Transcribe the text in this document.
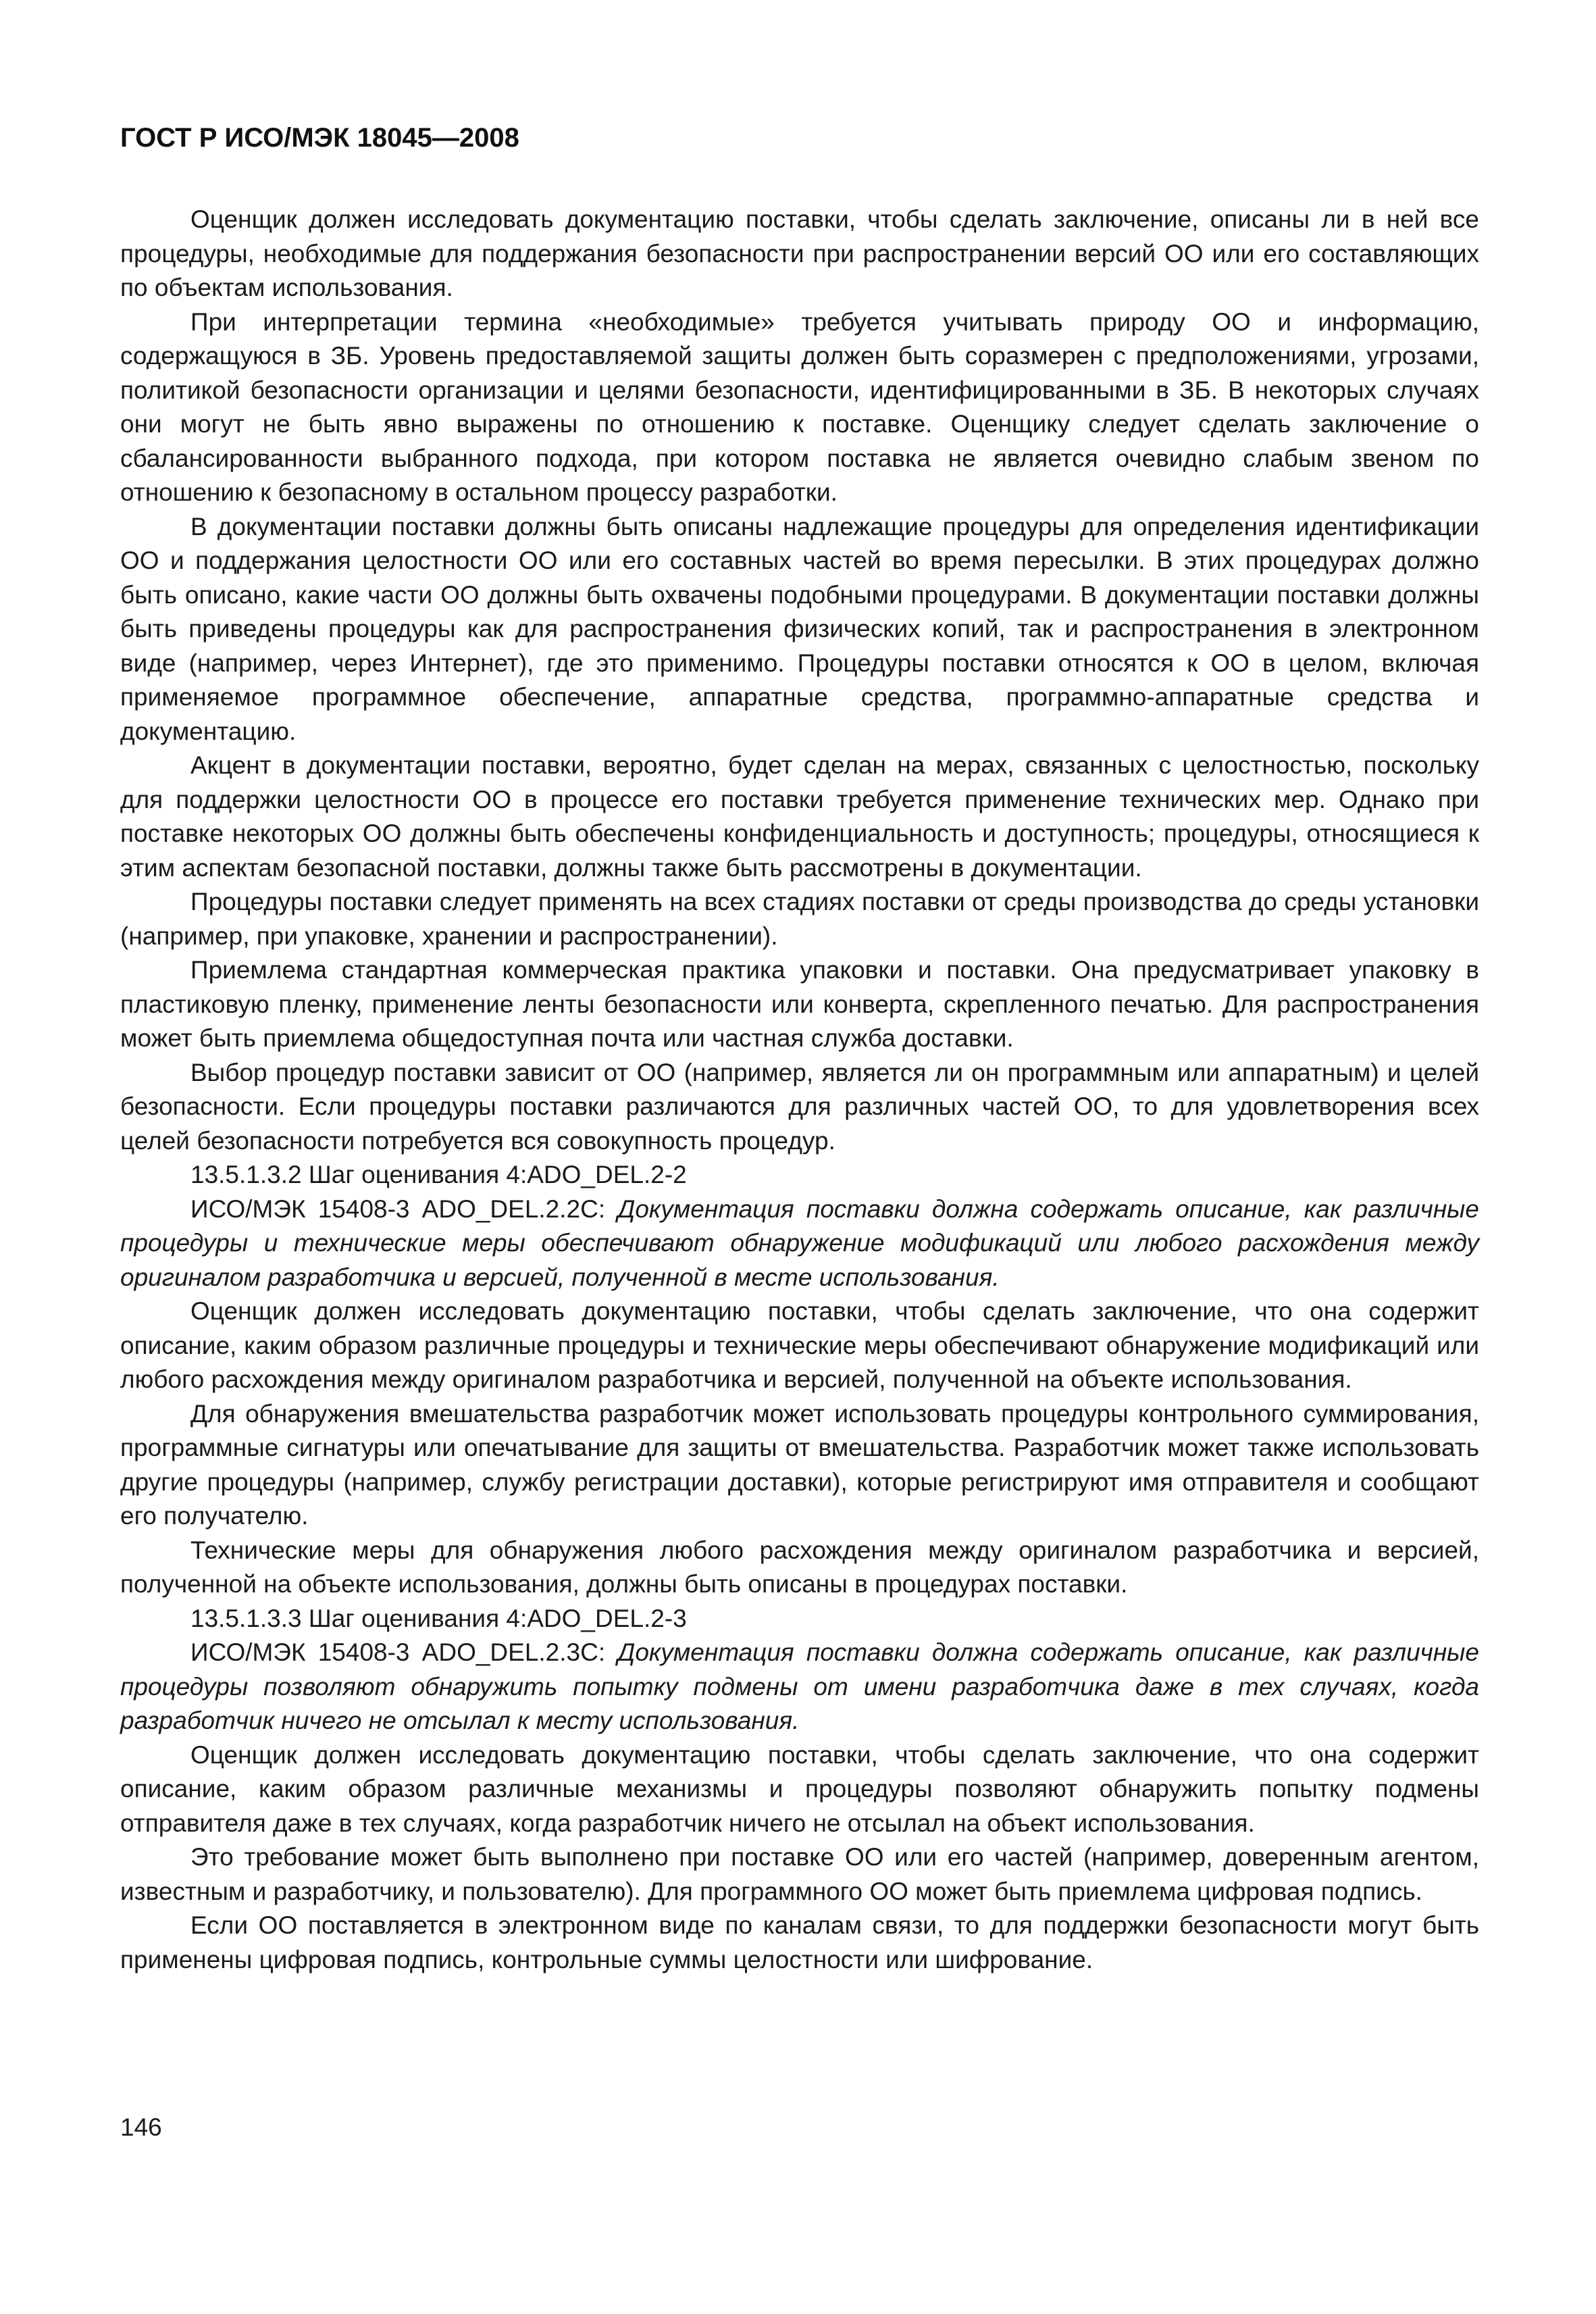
ГОСТ Р ИСО/МЭК 18045—2008

Оценщик должен исследовать документацию поставки, чтобы сделать заключение, описаны ли в ней все процедуры, необходимые для поддержания безопасности при распространении версий ОО или его составляющих по объектам использования.

При интерпретации термина «необходимые» требуется учитывать природу ОО и информацию, содержащуюся в ЗБ. Уровень предоставляемой защиты должен быть соразмерен с предположениями, угрозами, политикой безопасности организации и целями безопасности, идентифицированными в ЗБ. В некоторых случаях они могут не быть явно выражены по отношению к поставке. Оценщику следует сделать заключение о сбалансированности выбранного подхода, при котором поставка не является очевидно слабым звеном по отношению к безопасному в остальном процессу разработки.

В документации поставки должны быть описаны надлежащие процедуры для определения идентификации ОО и поддержания целостности ОО или его составных частей во время пересылки. В этих процедурах должно быть описано, какие части ОО должны быть охвачены подобными процедурами. В документации поставки должны быть приведены процедуры как для распространения физических копий, так и распространения в электронном виде (например, через Интернет), где это применимо. Процедуры поставки относятся к ОО в целом, включая применяемое программное обеспечение, аппаратные средства, программно-аппаратные средства и документацию.

Акцент в документации поставки, вероятно, будет сделан на мерах, связанных с целостностью, поскольку для поддержки целостности ОО в процессе его поставки требуется применение технических мер. Однако при поставке некоторых ОО должны быть обеспечены конфиденциальность и доступность; процедуры, относящиеся к этим аспектам безопасной поставки, должны также быть рассмотрены в документации.

Процедуры поставки следует применять на всех стадиях поставки от среды производства до среды установки (например, при упаковке, хранении и распространении).

Приемлема стандартная коммерческая практика упаковки и поставки. Она предусматривает упаковку в пластиковую пленку, применение ленты безопасности или конверта, скрепленного печатью. Для распространения может быть приемлема общедоступная почта или частная служба доставки.

Выбор процедур поставки зависит от ОО (например, является ли он программным или аппаратным) и целей безопасности. Если процедуры поставки различаются для различных частей ОО, то для удовлетворения всех целей безопасности потребуется вся совокупность процедур.

13.5.1.3.2 Шаг оценивания 4:ADO_DEL.2-2

ИСО/МЭК 15408-3 ADO_DEL.2.2C: Документация поставки должна содержать описание, как различные процедуры и технические меры обеспечивают обнаружение модификаций или любого расхождения между оригиналом разработчика и версией, полученной в месте использования.

Оценщик должен исследовать документацию поставки, чтобы сделать заключение, что она содержит описание, каким образом различные процедуры и технические меры обеспечивают обнаружение модификаций или любого расхождения между оригиналом разработчика и версией, полученной на объекте использования.

Для обнаружения вмешательства разработчик может использовать процедуры контрольного суммирования, программные сигнатуры или опечатывание для защиты от вмешательства. Разработчик может также использовать другие процедуры (например, службу регистрации доставки), которые регистрируют имя отправителя и сообщают его получателю.

Технические меры для обнаружения любого расхождения между оригиналом разработчика и версией, полученной на объекте использования, должны быть описаны в процедурах поставки.

13.5.1.3.3 Шаг оценивания 4:ADO_DEL.2-3

ИСО/МЭК 15408-3 ADO_DEL.2.3C: Документация поставки должна содержать описание, как различные процедуры позволяют обнаружить попытку подмены от имени разработчика даже в тех случаях, когда разработчик ничего не отсылал к месту использования.

Оценщик должен исследовать документацию поставки, чтобы сделать заключение, что она содержит описание, каким образом различные механизмы и процедуры позволяют обнаружить попытку подмены отправителя даже в тех случаях, когда разработчик ничего не отсылал на объект использования.

Это требование может быть выполнено при поставке ОО или его частей (например, доверенным агентом, известным и разработчику, и пользователю). Для программного ОО может быть приемлема цифровая подпись.

Если ОО поставляется в электронном виде по каналам связи, то для поддержки безопасности могут быть применены цифровая подпись, контрольные суммы целостности или шифрование.

146
